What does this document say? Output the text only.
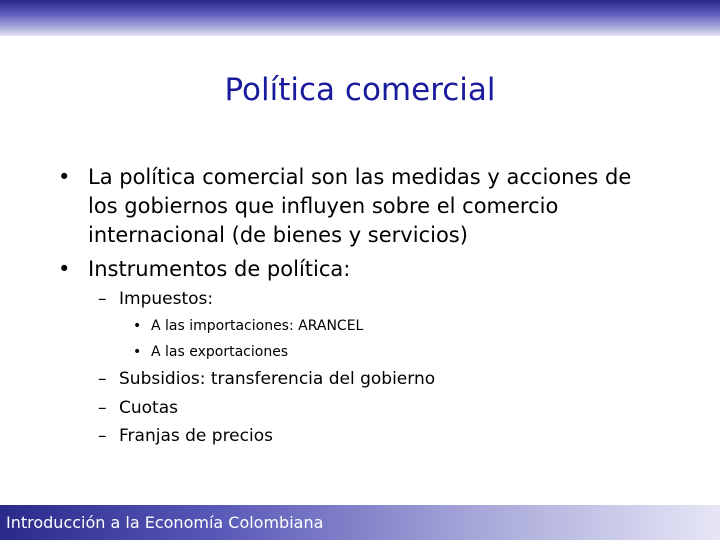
Política comercial
• La política comercial son las medidas y acciones de
los gobiernos que influyen sobre el comercio
internacional (de bienes y servicios)
• Instrumentos de política:
– Impuestos:
• A las importaciones: ARANCEL
• A las exportaciones
– Subsidios: transferencia del gobierno
– Cuotas
– Franjas de precios
Introducción a la Economía Colombiana
